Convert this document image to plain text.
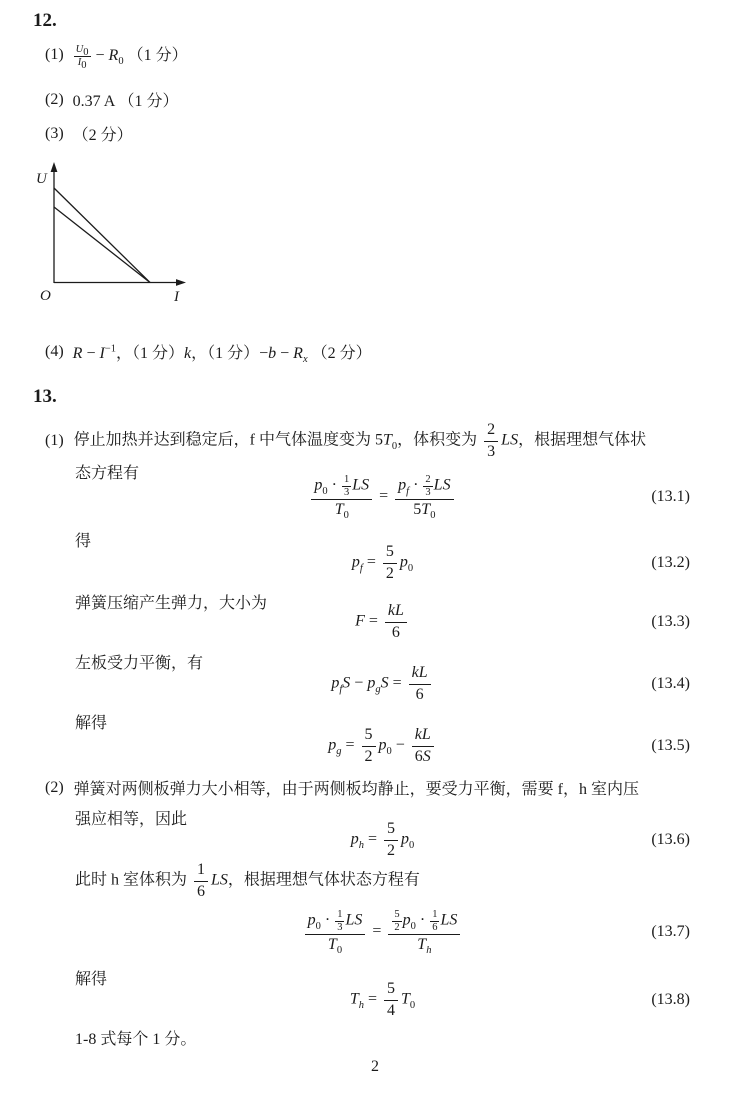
12.
$(1) \frac{U_0}{I_0} - R_0$ （1 分）
(2) 0.37 A （1 分）
(3) （2 分）
U
O	I
(4) $R - I^{-1}$，（1 分）k，（1 分）$-b - R_x$ （2 分）
13.
(1) 停止加热并达到稳定后，f 中气体温度变为 $5T_0$，体积变为 $\frac{2}{3}$ LS，根据理想气体状
态方程有
$\frac{p_0 \cdot \frac{1}{3} LS}{T_0} = \frac{p_f \cdot \frac{2}{3} LS}{5T_0}$	(13.1)
得
$p_f = \frac{5}{2} p_0$	(13.2)
弹簧压缩产生弹力，大小为
$F = \frac{kL}{6}$	(13.3)
左板受力平衡，有
$p_fS - p_gS = \frac{kL}{6}$	(13.4)
解得
$p_g = \frac{5}{2} p_0 - \frac{kL}{6S}$	(13.5)
(2) 弹簧对两侧板弹力大小相等，由于两侧板均静止，要受力平衡，需要 f，h 室内压
强应相等，因此
$p_h = \frac{5}{2} p_0$	(13.6)
此时 h 室体积为 $\frac{1}{6}$ LS，根据理想气体状态方程有
$\frac{p_0 \cdot \frac{1}{3} LS}{T_0} = \frac{\frac{5}{2} p_0 \cdot \frac{1}{6} LS}{T_h}$	(13.7)
解得
$T_h = \frac{5}{4} T_0$	(13.8)
1-8 式每个 1 分。
2
